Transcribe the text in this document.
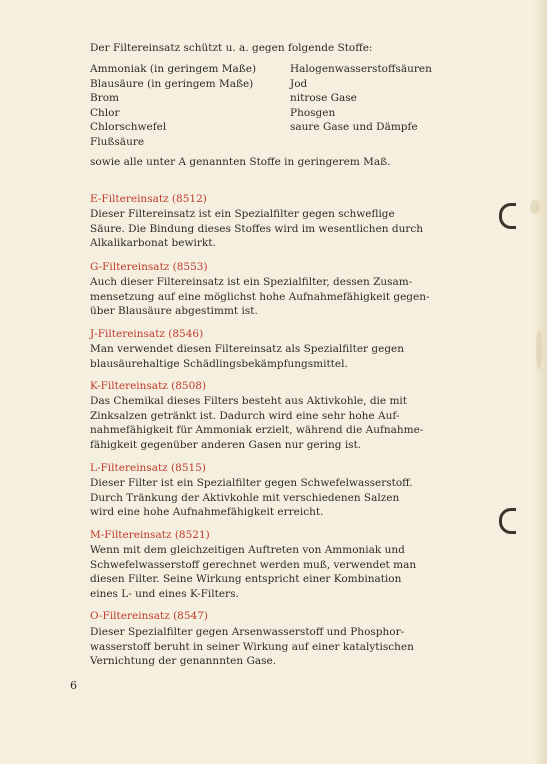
Der Filtereinsatz schützt u. a. gegen folgende Stoffe:
Ammoniak (in geringem Maße)
Blausäure (in geringem Maße)
Brom
Chlor
Chlorschwefel
Flußsäure
Halogenwasserstoffsäuren
Jod
nitrose Gase
Phosgen
saure Gase und Dämpfe
sowie alle unter A genannten Stoffe in geringerem Maß.
E-Filtereinsatz (8512)
Dieser Filtereinsatz ist ein Spezialfilter gegen schweflige
Säure. Die Bindung dieses Stoffes wird im wesentlichen durch
Alkalikarbonat bewirkt.
G-Filtereinsatz (8553)
Auch dieser Filtereinsatz ist ein Spezialfilter, dessen Zusam-
mensetzung auf eine möglichst hohe Aufnahmefähigkeit gegen-
über Blausäure abgestimmt ist.
J-Filtereinsatz (8546)
Man verwendet diesen Filtereinsatz als Spezialfilter gegen
blausäurehaltige Schädlingsbekämpfungsmittel.
K-Filtereinsatz (8508)
Das Chemikal dieses Filters besteht aus Aktivkohle, die mit
Zinksalzen getränkt ist. Dadurch wird eine sehr hohe Auf-
nahmefähigkeit für Ammoniak erzielt, während die Aufnahme-
fähigkeit gegenüber anderen Gasen nur gering ist.
L-Filtereinsatz (8515)
Dieser Filter ist ein Spezialfilter gegen Schwefelwasserstoff.
Durch Tränkung der Aktivkohle mit verschiedenen Salzen
wird eine hohe Aufnahmefähigkeit erreicht.
M-Filtereinsatz (8521)
Wenn mit dem gleichzeitigen Auftreten von Ammoniak und
Schwefelwasserstoff gerechnet werden muß, verwendet man
diesen Filter. Seine Wirkung entspricht einer Kombination
eines L- und eines K-Filters.
O-Filtereinsatz (8547)
Dieser Spezialfilter gegen Arsenwasserstoff und Phosphor-
wasserstoff beruht in seiner Wirkung auf einer katalytischen
Vernichtung der genannnten Gase.
6
